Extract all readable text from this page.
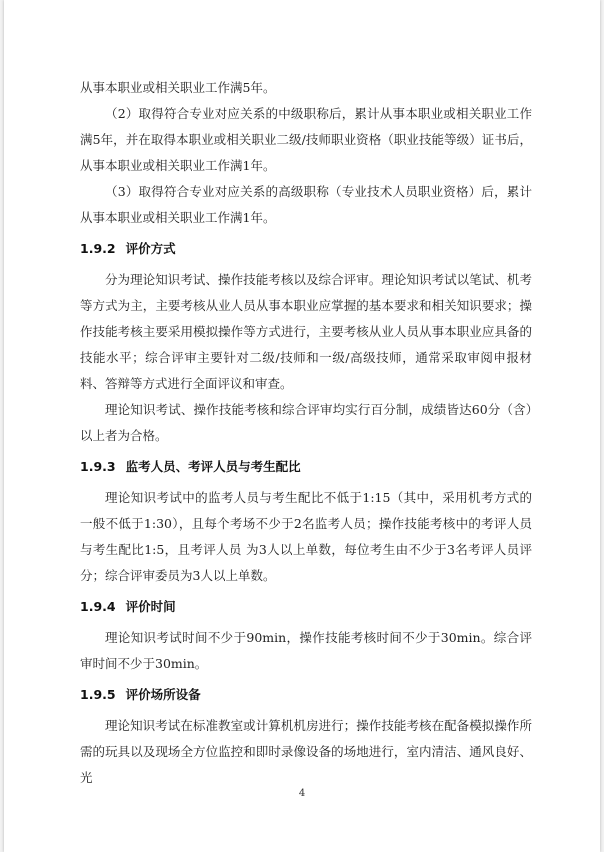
从事本职业或相关职业工作满5年。

（2）取得符合专业对应关系的中级职称后，累计从事本职业或相关职业工作满5年，并在取得本职业或相关职业二级/技师职业资格（职业技能等级）证书后，从事本职业或相关职业工作满1年。

（3）取得符合专业对应关系的高级职称（专业技术人员职业资格）后，累计从事本职业或相关职业工作满1年。

1.9.2 评价方式

分为理论知识考试、操作技能考核以及综合评审。理论知识考试以笔试、机考等方式为主，主要考核从业人员从事本职业应掌握的基本要求和相关知识要求；操作技能考核主要采用模拟操作等方式进行，主要考核从业人员从事本职业应具备的技能水平；综合评审主要针对二级/技师和一级/高级技师，通常采取审阅申报材料、答辩等方式进行全面评议和审查。

理论知识考试、操作技能考核和综合评审均实行百分制，成绩皆达60分（含）以上者为合格。

1.9.3 监考人员、考评人员与考生配比

理论知识考试中的监考人员与考生配比不低于1:15（其中，采用机考方式的一般不低于1:30），且每个考场不少于2名监考人员；操作技能考核中的考评人员与考生配比1:5，且考评人员 为3人以上单数，每位考生由不少于3名考评人员评分；综合评审委员为3人以上单数。

1.9.4 评价时间

理论知识考试时间不少于90min，操作技能考核时间不少于30min。综合评审时间不少于30min。

1.9.5 评价场所设备

理论知识考试在标准教室或计算机机房进行；操作技能考核在配备模拟操作所需的玩具以及现场全方位监控和即时录像设备的场地进行，室内清洁、通风良好、光

4
